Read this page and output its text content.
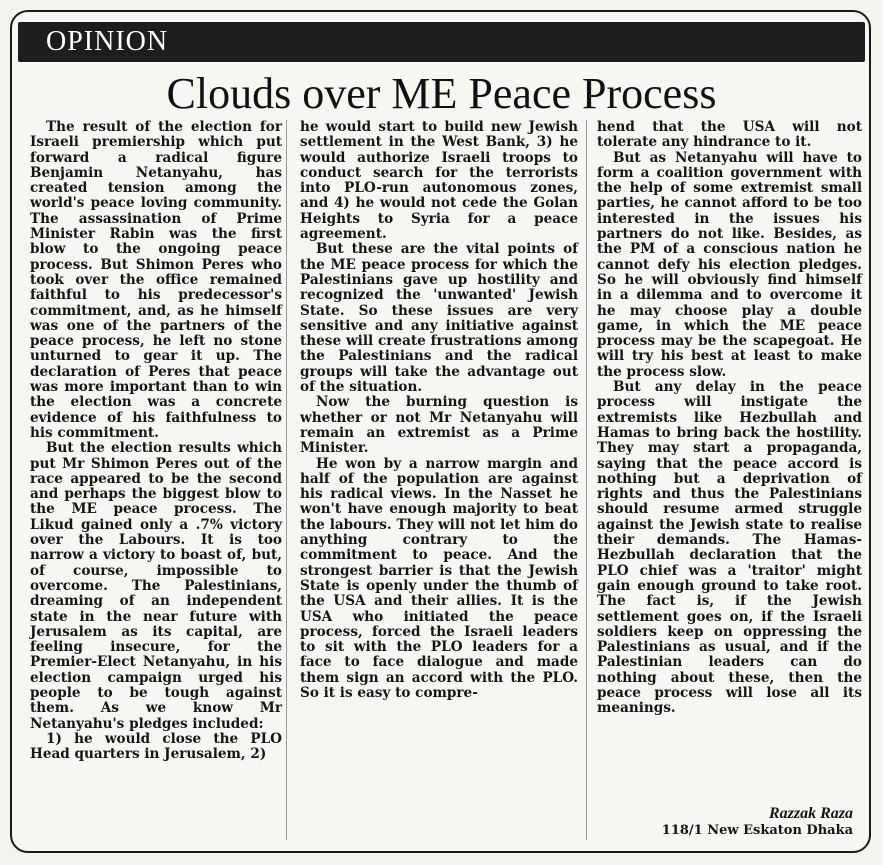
OPINION
Clouds over ME Peace Process

The result of the election for Israeli premiership which put forward a radical figure Benjamin Netanyahu, has created tension among the world's peace loving community. The assassination of Prime Minister Rabin was the first blow to the ongoing peace process. But Shimon Peres who took over the office remained faithful to his predecessor's commitment, and, as he himself was one of the partners of the peace process, he left no stone unturned to gear it up. The declaration of Peres that peace was more important than to win the election was a concrete evidence of his faithfulness to his commitment.

But the election results which put Mr Shimon Peres out of the race appeared to be the second and perhaps the biggest blow to the ME peace process. The Likud gained only a .7% victory over the Labours. It is too narrow a victory to boast of, but, of course, impossible to overcome. The Palestinians, dreaming of an independent state in the near future with Jerusalem as its capital, are feeling insecure, for the Premier-Elect Netanyahu, in his election campaign urged his people to be tough against them. As we know Mr Netanyahu's pledges included:

1) he would close the PLO Head quarters in Jerusalem, 2)

he would start to build new Jewish settlement in the West Bank, 3) he would authorize Israeli troops to conduct search for the terrorists into PLO-run autonomous zones, and 4) he would not cede the Golan Heights to Syria for a peace agreement.

But these are the vital points of the ME peace process for which the Palestinians gave up hostility and recognized the 'unwanted' Jewish State. So these issues are very sensitive and any initiative against these will create frustrations among the Palestinians and the radical groups will take the advantage out of the situation.

Now the burning question is whether or not Mr Netanyahu will remain an extremist as a Prime Minister.

He won by a narrow margin and half of the population are against his radical views. In the Nasset he won't have enough majority to beat the labours. They will not let him do anything contrary to the commitment to peace. And the strongest barrier is that the Jewish State is openly under the thumb of the USA and their allies. It is the USA who initiated the peace process, forced the Israeli leaders to sit with the PLO leaders for a face to face dialogue and made them sign an accord with the PLO. So it is easy to compre-

hend that the USA will not tolerate any hindrance to it.

But as Netanyahu will have to form a coalition government with the help of some extremist small parties, he cannot afford to be too interested in the issues his partners do not like. Besides, as the PM of a conscious nation he cannot defy his election pledges. So he will obviously find himself in a dilemma and to overcome it he may choose play a double game, in which the ME peace process may be the scapegoat. He will try his best at least to make the process slow.

But any delay in the peace process will instigate the extremists like Hezbullah and Hamas to bring back the hostility. They may start a propaganda, saying that the peace accord is nothing but a deprivation of rights and thus the Palestinians should resume armed struggle against the Jewish state to realise their demands. The Hamas-Hezbullah declaration that the PLO chief was a 'traitor' might gain enough ground to take root. The fact is, if the Jewish settlement goes on, if the Israeli soldiers keep on oppressing the Palestinians as usual, and if the Palestinian leaders can do nothing about these, then the peace process will lose all its meanings.

Razzak Raza
118/1 New Eskaton Dhaka
